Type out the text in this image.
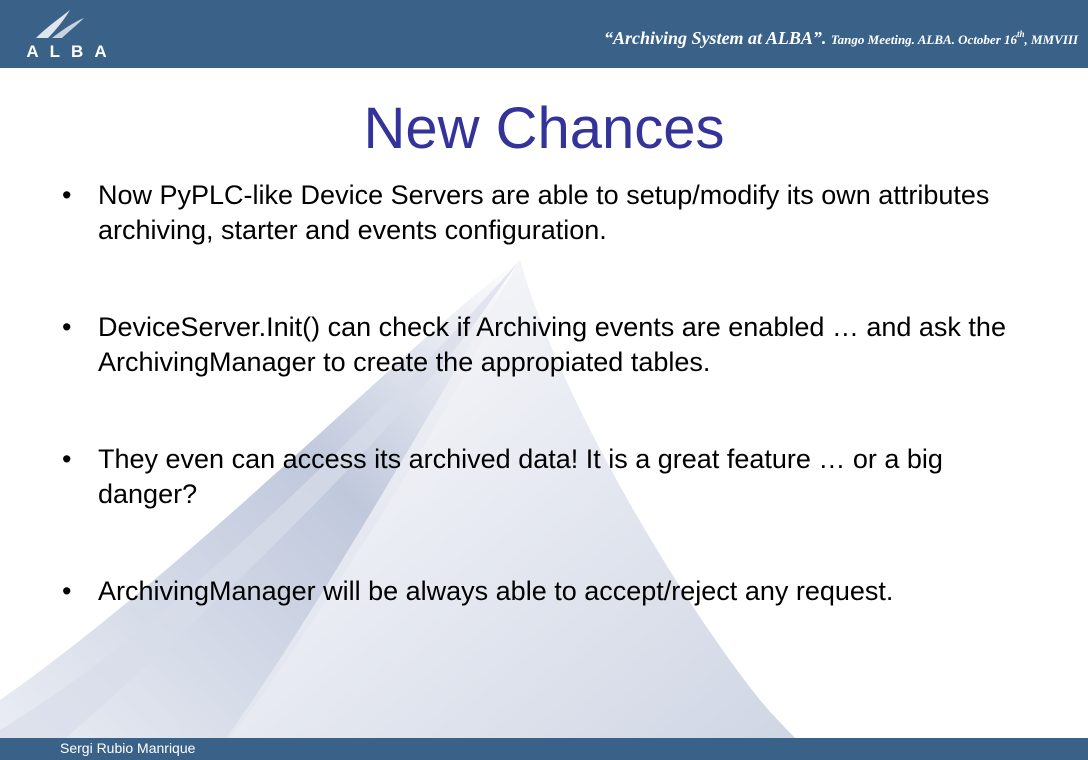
ALBA
“Archiving System at ALBA”. Tango Meeting. ALBA. October 16th, MMVIII
New Chances
• Now PyPLC-like Device Servers are able to setup/modify its own attributes archiving, starter and events configuration.
• DeviceServer.Init() can check if Archiving events are enabled … and ask the ArchivingManager to create the appropiated tables.
• They even can access its archived data! It is a great feature … or a big danger?
• ArchivingManager will be always able to accept/reject any request.
Sergi Rubio Manrique
